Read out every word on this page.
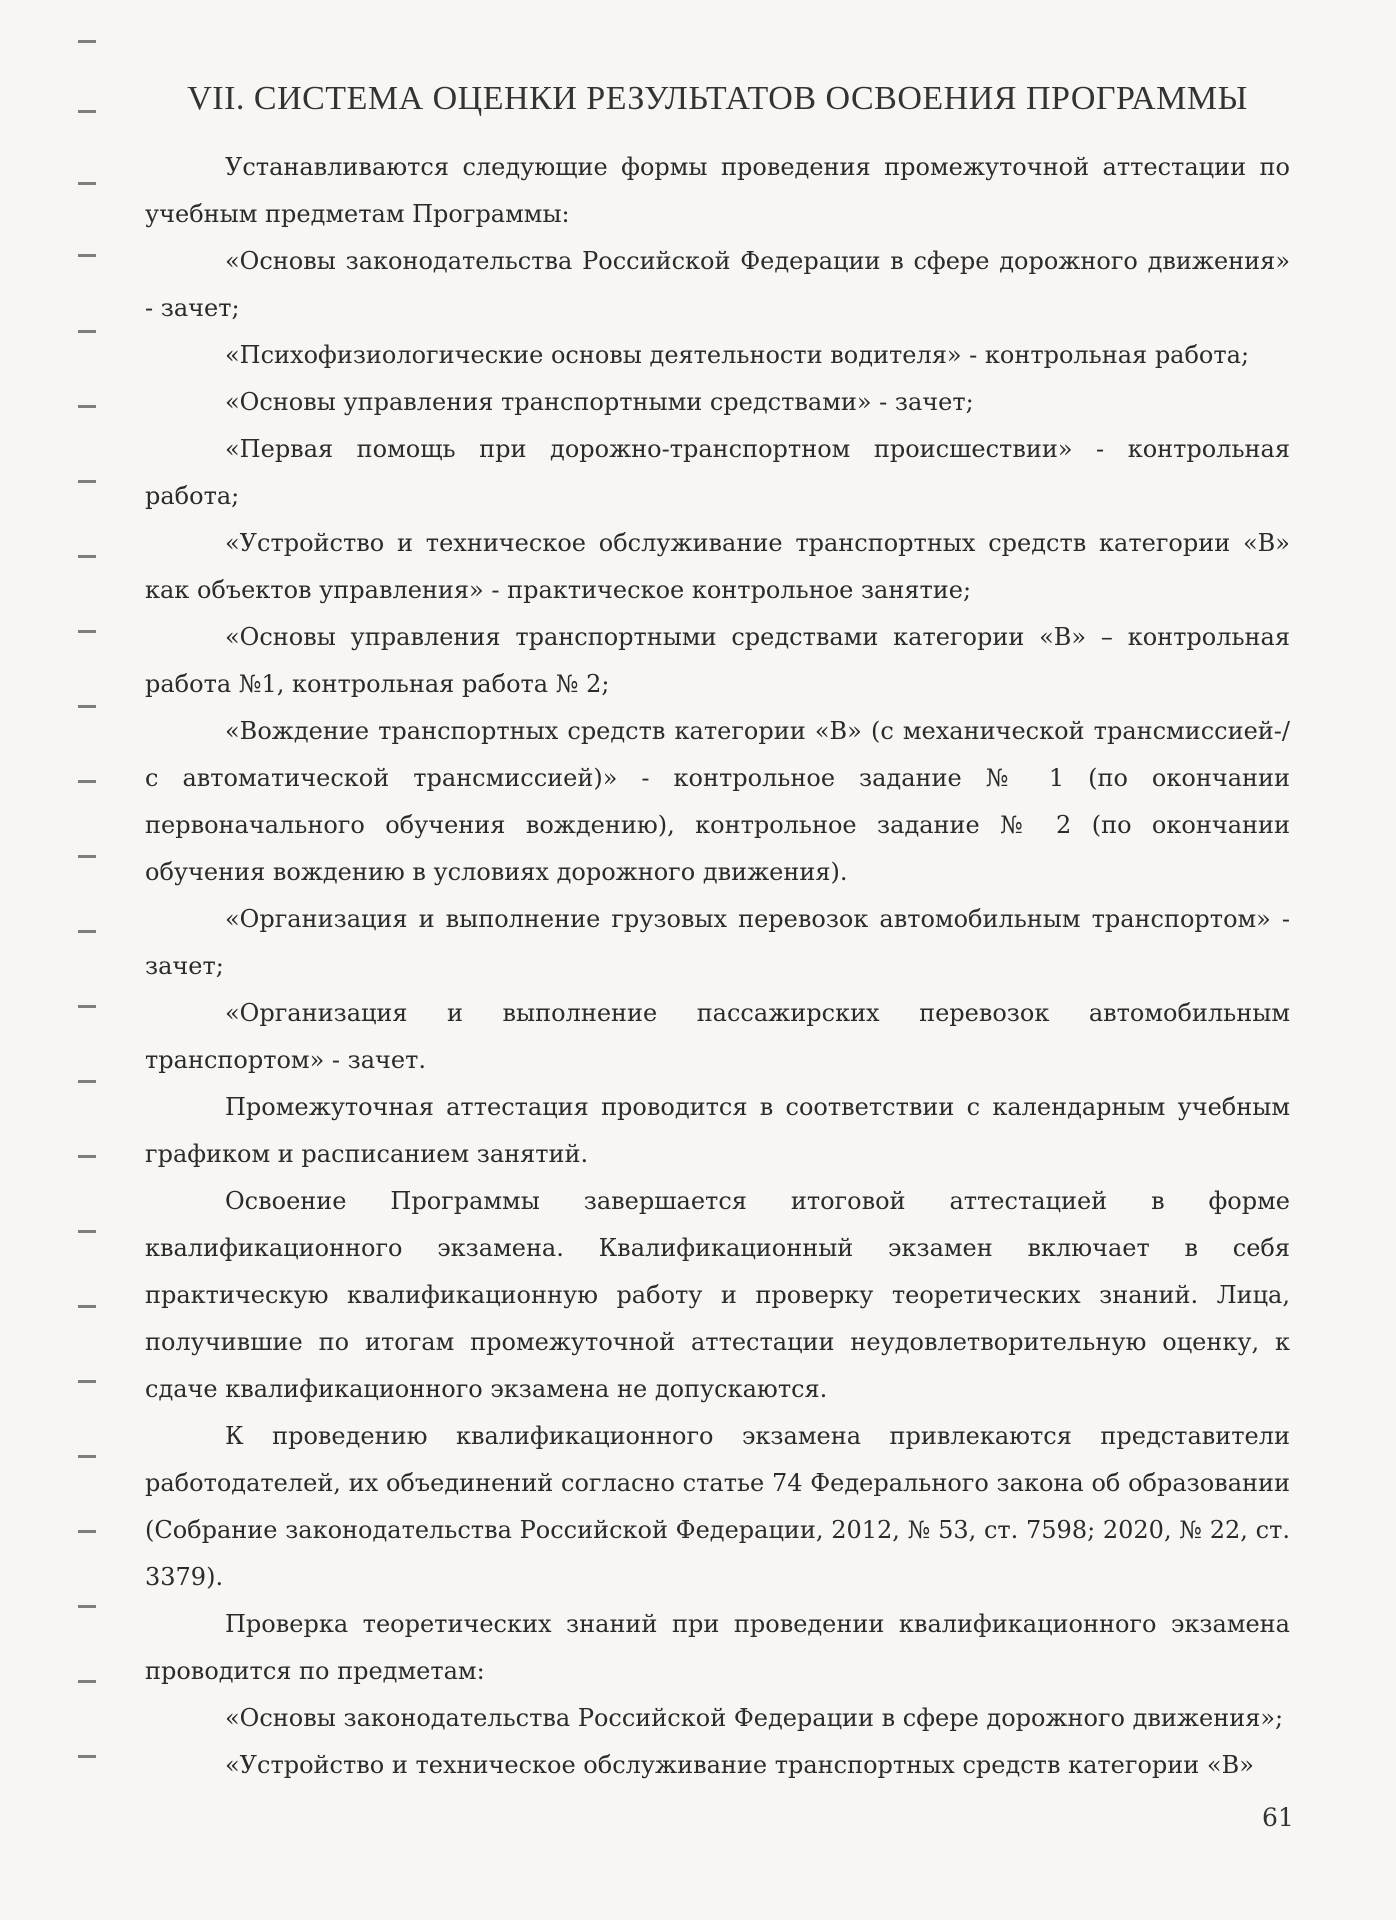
VII. СИСТЕМА ОЦЕНКИ РЕЗУЛЬТАТОВ ОСВОЕНИЯ ПРОГРАММЫ

Устанавливаются следующие формы проведения промежуточной аттестации по учебным предметам Программы:

«Основы законодательства Российской Федерации в сфере дорожного движения» - зачет;

«Психофизиологические основы деятельности водителя» - контрольная работа;

«Основы управления транспортными средствами» - зачет;

«Первая помощь при дорожно-транспортном происшествии» - контрольная работа;

«Устройство и техническое обслуживание транспортных средств категории «В» как объектов управления» - практическое контрольное занятие;

«Основы управления транспортными средствами категории «В» – контрольная работа №1, контрольная работа № 2;

«Вождение транспортных средств категории «В» (с механической трансмиссией-/с автоматической трансмиссией)» - контрольное задание № 1 (по окончании первоначального обучения вождению), контрольное задание № 2 (по окончании обучения вождению в условиях дорожного движения).

«Организация и выполнение грузовых перевозок автомобильным транспортом» - зачет;

«Организация и выполнение пассажирских перевозок автомобильным транспортом» - зачет.

Промежуточная аттестация проводится в соответствии с календарным учебным графиком и расписанием занятий.

Освоение Программы завершается итоговой аттестацией в форме квалификационного экзамена. Квалификационный экзамен включает в себя практическую квалификационную работу и проверку теоретических знаний. Лица, получившие по итогам промежуточной аттестации неудовлетворительную оценку, к сдаче квалификационного экзамена не допускаются.

К проведению квалификационного экзамена привлекаются представители работодателей, их объединений согласно статье 74 Федерального закона об образовании (Собрание законодательства Российской Федерации, 2012, № 53, ст. 7598; 2020, № 22, ст. 3379).

Проверка теоретических знаний при проведении квалификационного экзамена проводится по предметам:

«Основы законодательства Российской Федерации в сфере дорожного движения»;

«Устройство и техническое обслуживание транспортных средств категории «В»

61
